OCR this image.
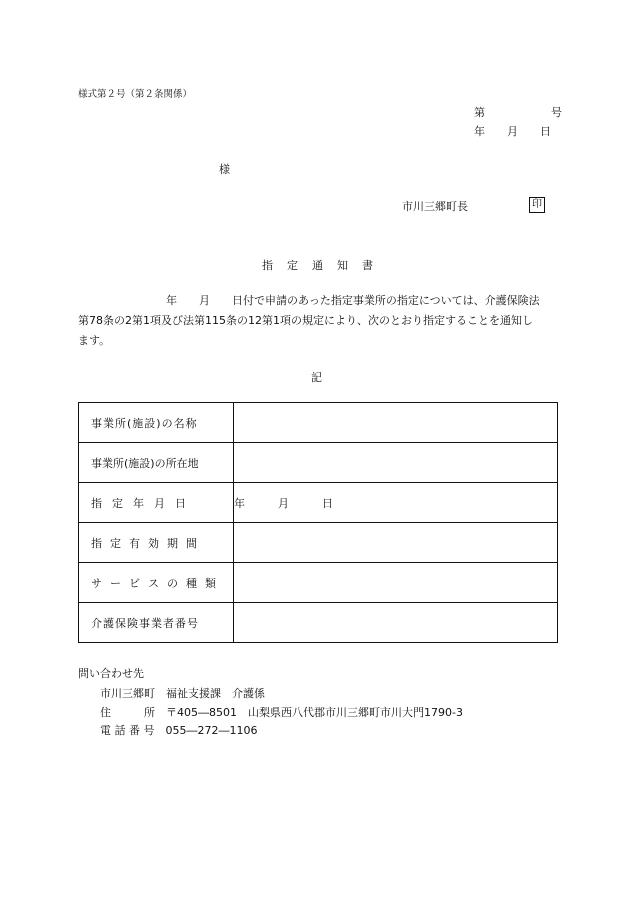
様式第２号（第２条関係）
第　　　　　　号
年　　月　　日
様
市川三郷町長	印
指定通知書
　　　　　　　　年　　月　　日付で申請のあった指定事業所の指定については、介護保険法
第78条の2第1項及び法第115条の12第1項の規定により、次のとおり指定することを通知し
ます。
記
事業所(施設)の名称	
事業所(施設)の所在地	
指定年月日	年　　　月　　　日
指定有効期間	
サービスの種類	
介護保険事業者番号	
問い合わせ先
市川三郷町　福祉支援課　介護係
住　　　所　 〒405―8501　山梨県西八代郡市川三郷町市川大門1790-3
電 話 番 号　 055―272―1106
